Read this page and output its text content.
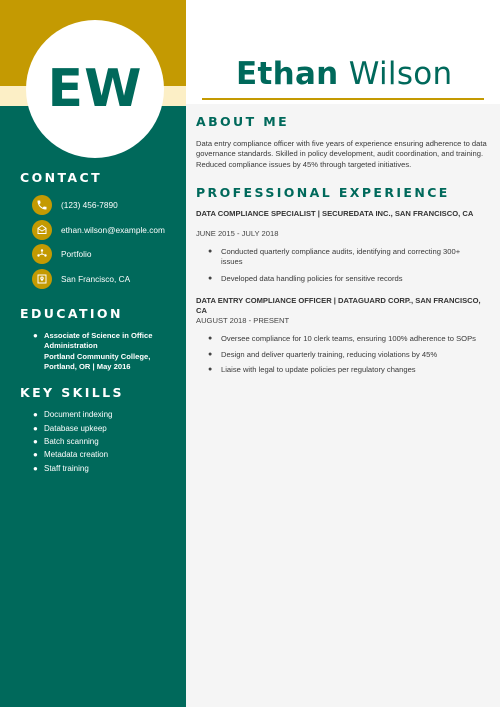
EW
CONTACT
(123) 456-7890
ethan.wilson@example.com
Portfolio
San Francisco, CA
EDUCATION
● Associate of Science in Office Administration
Portland Community College, Portland, OR | May 2016
KEY SKILLS
● Document indexing
● Database upkeep
● Batch scanning
● Metadata creation
● Staff training
Ethan Wilson
ABOUT ME
Data entry compliance officer with five years of experience ensuring adherence to data governance standards. Skilled in policy development, audit coordination, and training. Reduced compliance issues by 45% through targeted initiatives.
PROFESSIONAL EXPERIENCE
DATA COMPLIANCE SPECIALIST | SECUREDATA INC., SAN FRANCISCO, CA
JUNE 2015 - JULY 2018
●	Conducted quarterly compliance audits, identifying and correcting 300+ issues
●	Developed data handling policies for sensitive records
DATA ENTRY COMPLIANCE OFFICER | DATAGUARD CORP., SAN FRANCISCO, CA
AUGUST 2018 - PRESENT
●	Oversee compliance for 10 clerk teams, ensuring 100% adherence to SOPs
●	Design and deliver quarterly training, reducing violations by 45%
●	Liaise with legal to update policies per regulatory changes
